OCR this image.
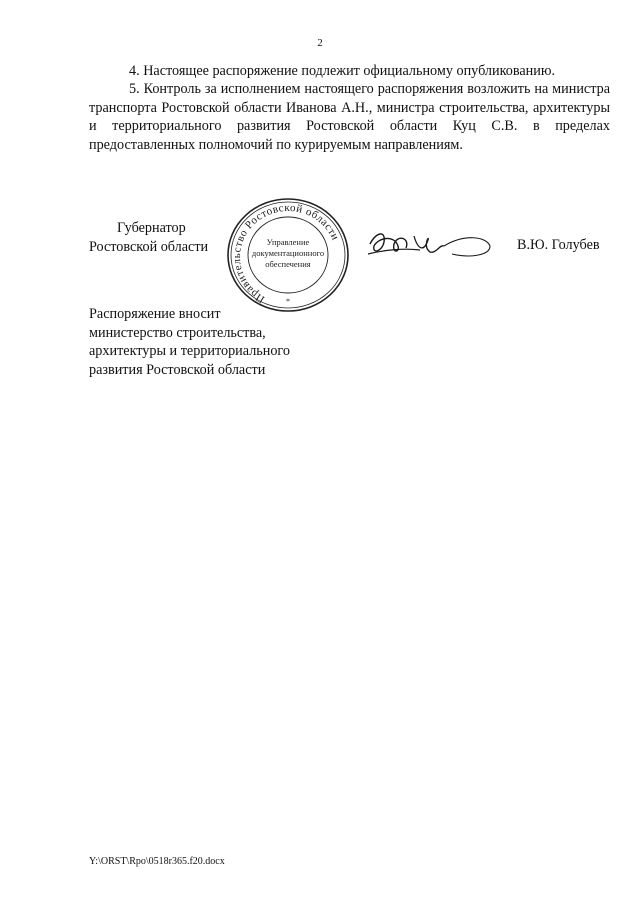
2
4. Настоящее распоряжение подлежит официальному опубликованию.
5. Контроль за исполнением настоящего распоряжения возложить на министра транспорта Ростовской области Иванова А.Н., министра строительства, архитектуры и территориального развития Ростовской области Куц С.В. в пределах предоставленных полномочий по курируемым направлениям.
Губернатор
Ростовской области
Правительство Ростовской области
Управление
документационного
обеспечения
*
В.Ю. Голубев
Распоряжение вносит
министерство строительства,
архитектуры и территориального
развития Ростовской области
Y:\ORST\Rpo\0518r365.f20.docx
